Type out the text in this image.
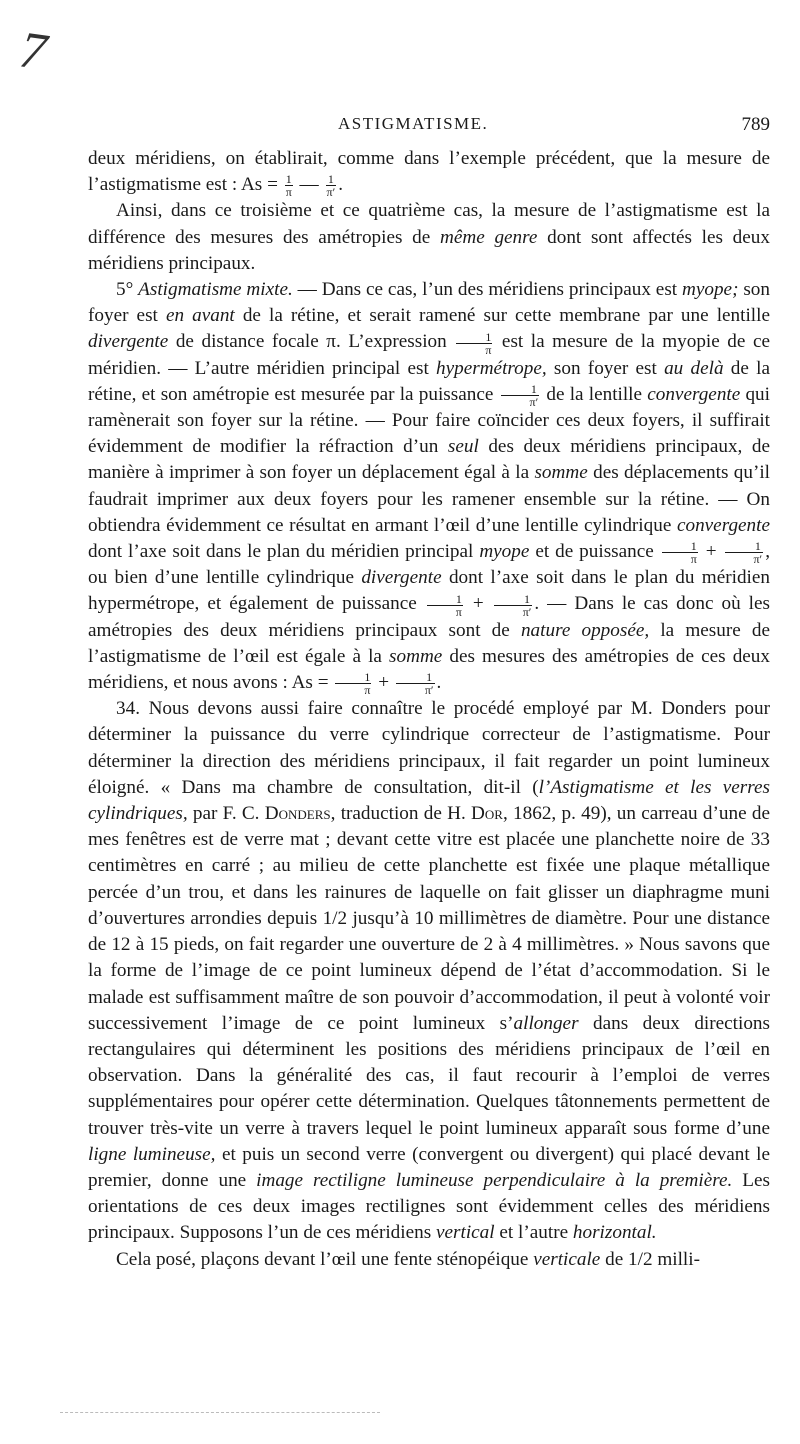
7
ASTIGMATISME.	789

deux méridiens, on établirait, comme dans l’exemple précédent, que la mesure de l’astigmatisme est : $As = \frac{1}{\pi}$ — $\frac{1}{\pi'}$ .

Ainsi, dans ce troisième et ce quatrième cas, la mesure de l’astigmatisme est la différence des mesures des amétropies de même genre dont sont affectés les deux méridiens principaux.

5° Astigmatisme mixte. — Dans ce cas, l’un des méridiens principaux est myope; son foyer est en avant de la rétine, et serait ramené sur cette membrane par une lentille divergente de distance focale π. L’expression $\frac{1}{\pi}$ est la mesure de la myopie de ce méridien. — L’autre méridien principal est hypermétrope, son foyer est au delà de la rétine, et son amétropie est mesurée par la puissance $\frac{1}{\pi'}$ de la lentille convergente qui ramènerait son foyer sur la rétine. — Pour faire coïncider ces deux foyers, il suffirait évidemment de modifier la réfraction d’un seul des deux méridiens principaux, de manière à imprimer à son foyer un déplacement égal à la somme des déplacements qu’il faudrait imprimer aux deux foyers pour les ramener ensemble sur la rétine. — On obtiendra évidemment ce résultat en armant l’œil d’une lentille cylindrique convergente dont l’axe soit dans le plan du méridien principal myope et de puissance $\frac{1}{\pi} + \frac{1}{\pi'}$ , ou bien d’une lentille cylindrique divergente dont l’axe soit dans le plan du méridien hypermétrope, et également de puissance $\frac{1}{\pi} + \frac{1}{\pi'}$ . — Dans le cas donc où les amétropies des deux méridiens principaux sont de nature opposée, la mesure de l’astigmatisme de l’œil est égale à la somme des mesures des amétropies de ces deux méridiens, et nous avons : $As = \frac{1}{\pi} + \frac{1}{\pi'}$ .

34. Nous devons aussi faire connaître le procédé employé par M. Donders pour déterminer la puissance du verre cylindrique correcteur de l’astigmatisme. Pour déterminer la direction des méridiens principaux, il fait regarder un point lumineux éloigné. « Dans ma chambre de consultation, dit-il (l’Astigmatisme et les verres cylindriques, par F. C. Donders, traduction de H. Dor, 1862, p. 49), un carreau d’une de mes fenêtres est de verre mat ; devant cette vitre est placée une planchette noire de 33 centimètres en carré ; au milieu de cette planchette est fixée une plaque métallique percée d’un trou, et dans les rainures de laquelle on fait glisser un diaphragme muni d’ouvertures arrondies depuis 1/2 jusqu’à 10 millimètres de diamètre. Pour une distance de 12 à 15 pieds, on fait regarder une ouverture de 2 à 4 millimètres. » Nous savons que la forme de l’image de ce point lumineux dépend de l’état d’accommodation. Si le malade est suffisamment maître de son pouvoir d’accommodation, il peut à volonté voir successivement l’image de ce point lumineux s’allonger dans deux directions rectangulaires qui déterminent les positions des méridiens principaux de l’œil en observation. Dans la généralité des cas, il faut recourir à l’emploi de verres supplémentaires pour opérer cette détermination. Quelques tâtonnements permettent de trouver très-vite un verre à travers lequel le point lumineux apparaît sous forme d’une ligne lumineuse, et puis un second verre (convergent ou divergent) qui placé devant le premier, donne une image rectiligne lumineuse perpendiculaire à la première. Les orientations de ces deux images rectilignes sont évidemment celles des méridiens principaux. Supposons l’un de ces méridiens vertical et l’autre horizontal.

Cela posé, plaçons devant l’œil une fente sténopéique verticale de 1/2 milli-
